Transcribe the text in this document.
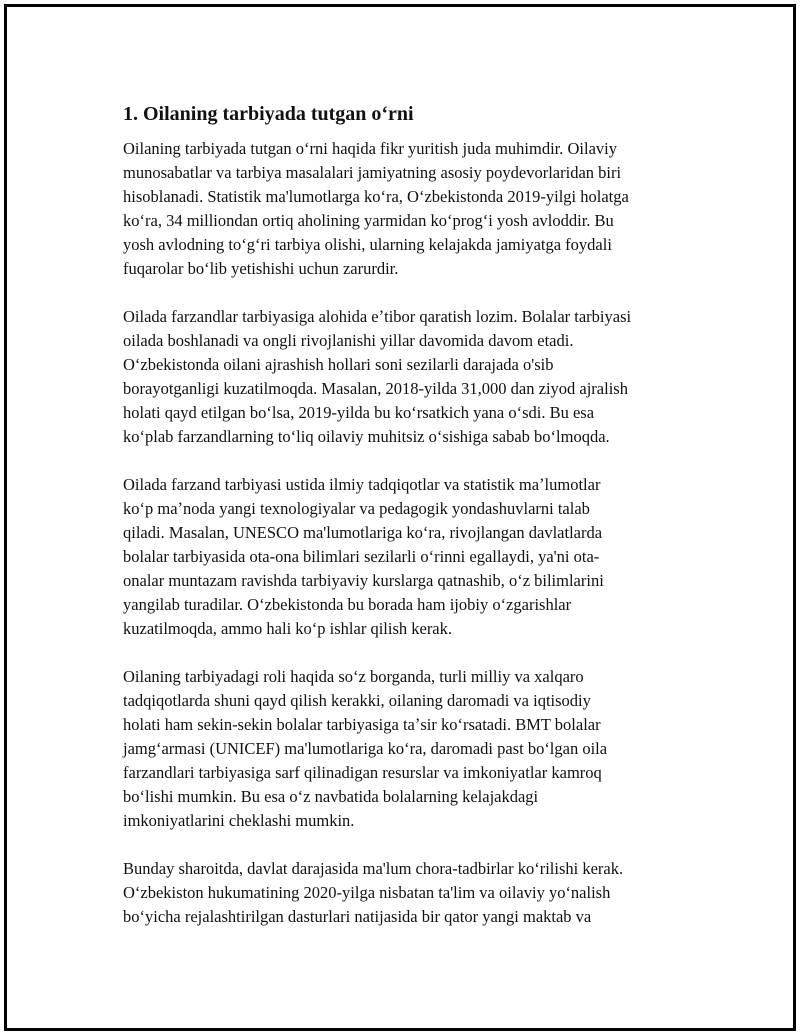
1. Oilaning tarbiyada tutgan oʻrni

Oilaning tarbiyada tutgan oʻrni haqida fikr yuritish juda muhimdir. Oilaviy
munosabatlar va tarbiya masalalari jamiyatning asosiy poydevorlaridan biri
hisoblanadi. Statistik ma'lumotlarga koʻra, Oʻzbekistonda 2019-yilgi holatga
koʻra, 34 milliondan ortiq aholining yarmidan koʻprogʻi yosh avloddir. Bu
yosh avlodning toʻgʻri tarbiya olishi, ularning kelajakda jamiyatga foydali
fuqarolar boʻlib yetishishi uchun zarurdir.

Oilada farzandlar tarbiyasiga alohida eʼtibor qaratish lozim. Bolalar tarbiyasi
oilada boshlanadi va ongli rivojlanishi yillar davomida davom etadi.
Oʻzbekistonda oilani ajrashish hollari soni sezilarli darajada o'sib
borayotganligi kuzatilmoqda. Masalan, 2018-yilda 31,000 dan ziyod ajralish
holati qayd etilgan boʻlsa, 2019-yilda bu koʻrsatkich yana oʻsdi. Bu esa
koʻplab farzandlarning toʻliq oilaviy muhitsiz oʻsishiga sabab boʻlmoqda.

Oilada farzand tarbiyasi ustida ilmiy tadqiqotlar va statistik maʼlumotlar
koʻp maʼnoda yangi texnologiyalar va pedagogik yondashuvlarni talab
qiladi. Masalan, UNESCO ma'lumotlariga koʻra, rivojlangan davlatlarda
bolalar tarbiyasida ota-ona bilimlari sezilarli oʻrinni egallaydi, ya'ni ota-
onalar muntazam ravishda tarbiyaviy kurslarga qatnashib, oʻz bilimlarini
yangilab turadilar. Oʻzbekistonda bu borada ham ijobiy oʻzgarishlar
kuzatilmoqda, ammo hali koʻp ishlar qilish kerak.

Oilaning tarbiyadagi roli haqida soʻz borganda, turli milliy va xalqaro
tadqiqotlarda shuni qayd qilish kerakki, oilaning daromadi va iqtisodiy
holati ham sekin-sekin bolalar tarbiyasiga taʼsir koʻrsatadi. BMT bolalar
jamgʻarmasi (UNICEF) ma'lumotlariga koʻra, daromadi past boʻlgan oila
farzandlari tarbiyasiga sarf qilinadigan resurslar va imkoniyatlar kamroq
boʻlishi mumkin. Bu esa oʻz navbatida bolalarning kelajakdagi
imkoniyatlarini cheklashi mumkin.

Bunday sharoitda, davlat darajasida ma'lum chora-tadbirlar koʻrilishi kerak.
Oʻzbekiston hukumatining 2020-yilga nisbatan ta'lim va oilaviy yoʻnalish
boʻyicha rejalashtirilgan dasturlari natijasida bir qator yangi maktab va
